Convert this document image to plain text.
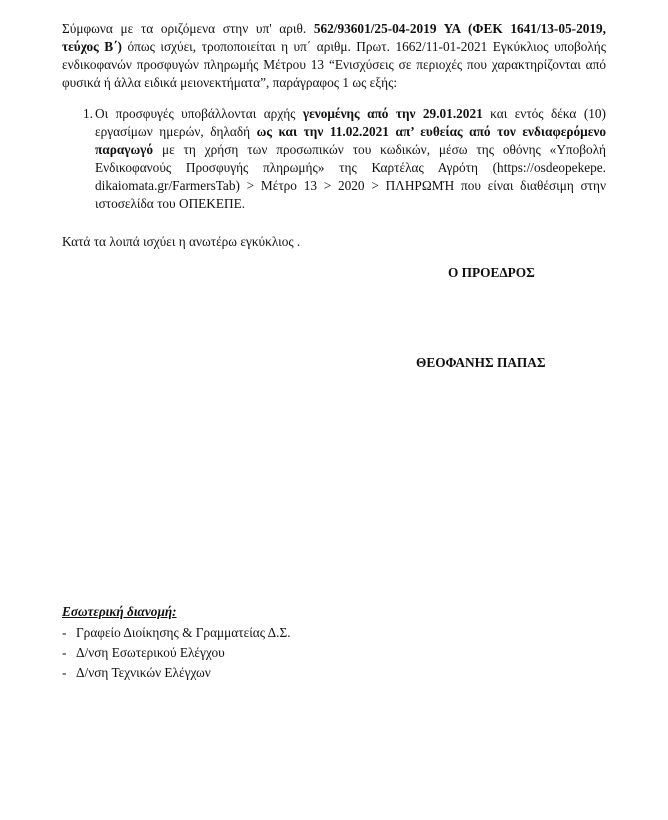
Σύμφωνα με τα οριζόμενα στην υπ' αριθ. 562/93601/25-04-2019 ΥΑ (ΦΕΚ 1641/13-05-2019,
τεύχος Β΄) όπως ισχύει, τροποποιείται η υπ΄ αριθμ. Πρωτ. 1662/11-01-2021 Εγκύκλιος υποβολής
ενδικοφανών προσφυγών πληρωμής Μέτρου 13 “Ενισχύσεις σε περιοχές που χαρακτηρίζονται από
φυσικά ή άλλα ειδικά μειονεκτήματα”, παράγραφος 1 ως εξής:
1. Οι προσφυγές υποβάλλονται αρχής γενομένης από την 29.01.2021 και εντός δέκα (10)
εργασίμων ημερών, δηλαδή ως και την 11.02.2021 απ’ ευθείας από τον ενδιαφερόμενο
παραγωγό με τη χρήση των προσωπικών του κωδικών, μέσω της οθόνης «Υποβολή
Ενδικοφανούς Προσφυγής πληρωμής» της Καρτέλας Αγρότη (https://osdeopekepe.
dikaiomata.gr/FarmersTab) > Μέτρο 13 > 2020 > ΠΛΗΡΩΜΉ που είναι διαθέσιμη στην
ιστοσελίδα του ΟΠΕΚΕΠΕ.
Κατά τα λοιπά ισχύει η ανωτέρω εγκύκλιος .
Ο ΠΡΟΕΔΡΟΣ
ΘΕΟΦΑΝΗΣ ΠΑΠΑΣ
Εσωτερική διανομή:
- Γραφείο Διοίκησης & Γραμματείας Δ.Σ.
- Δ/νση Εσωτερικού Ελέγχου
- Δ/νση Τεχνικών Ελέγχων
